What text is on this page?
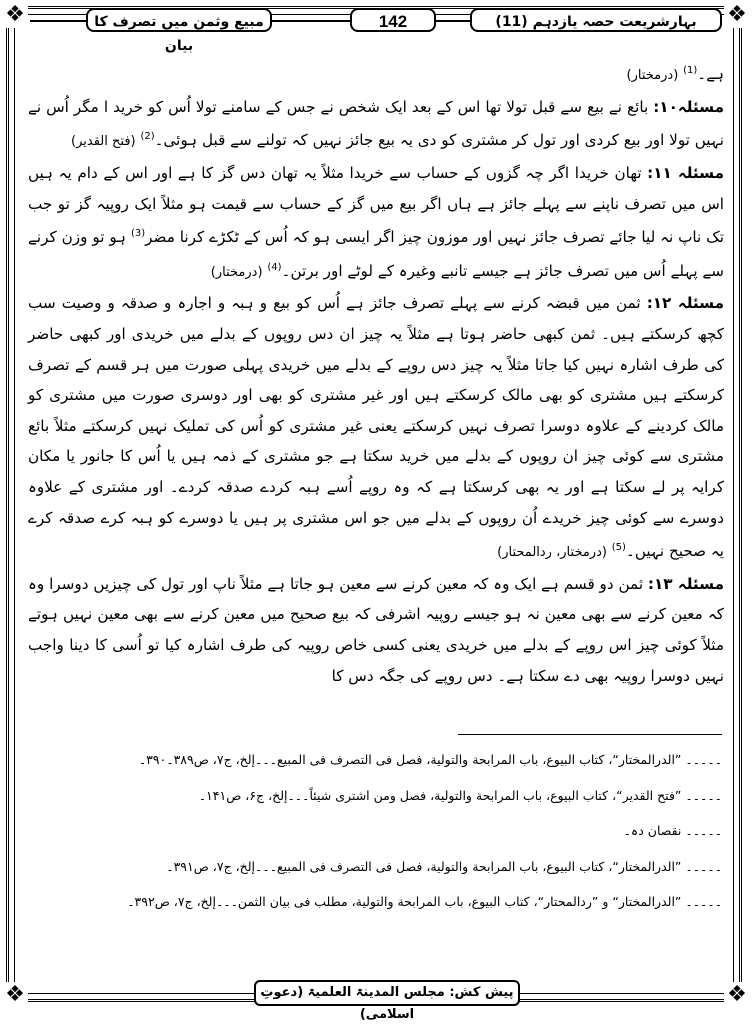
❖	❖
❖	❖
بہارِشریعت حصہ یازدہم (11)
142
مبیع وثمن میں تصرف کا بیان

ہے۔$^{(1)}$ (درمختار)

مسئلہ۱۰: بائع نے بیع سے قبل تولا تھا اس کے بعد ایک شخص نے جس کے سامنے تولا اُس کو خرید ا مگر اُس نے نہیں تولا اور بیع کردی اور تول کر مشتری کو دی یہ بیع جائز نہیں کہ تولنے سے قبل ہوئی۔$^{(2)}$ (فتح القدیر)

مسئلہ ۱۱: تھان خریدا اگر چہ گزوں کے حساب سے خریدا مثلاً یہ تھان دس گز کا ہے اور اس کے دام یہ ہیں اس میں تصرف ناپنے سے پہلے جائز ہے ہاں اگر بیع میں گز کے حساب سے قیمت ہو مثلاً ایک روپیہ گز تو جب تک ناپ نہ لیا جائے تصرف جائز نہیں اور موزون چیز اگر ایسی ہو کہ اُس کے ٹکڑے کرنا مضر$^{(3)}$ ہو تو وزن کرنے سے پہلے اُس میں تصرف جائز ہے جیسے تانبے وغیرہ کے لوٹے اور برتن۔$^{(4)}$ (درمختار)

مسئلہ ۱۲: ثمن میں قبضہ کرنے سے پہلے تصرف جائز ہے اُس کو بیع و ہبہ و اجارہ و صدقہ و وصیت سب کچھ کرسکتے ہیں۔ ثمن کبھی حاضر ہوتا ہے مثلاً یہ چیز ان دس روپوں کے بدلے میں خریدی اور کبھی حاضر کی طرف اشارہ نہیں کیا جاتا مثلاً یہ چیز دس روپے کے بدلے میں خریدی پہلی صورت میں ہر قسم کے تصرف کرسکتے ہیں مشتری کو بھی مالک کرسکتے ہیں اور غیر مشتری کو بھی اور دوسری صورت میں مشتری کو مالک کردینے کے علاوہ دوسرا تصرف نہیں کرسکتے یعنی غیر مشتری کو اُس کی تملیک نہیں کرسکتے مثلاً بائع مشتری سے کوئی چیز ان روپوں کے بدلے میں خرید سکتا ہے جو مشتری کے ذمہ ہیں یا اُس کا جانور یا مکان کرایہ پر لے سکتا ہے اور یہ بھی کرسکتا ہے کہ وہ روپے اُسے ہبہ کردے صدقہ کردے۔ اور مشتری کے علاوہ دوسرے سے کوئی چیز خریدے اُن روپوں کے بدلے میں جو اس مشتری پر ہیں یا دوسرے کو ہبہ کرے صدقہ کرے یہ صحیح نہیں۔$^{(5)}$ (درمختار، ردالمحتار)

مسئلہ ۱۳: ثمن دو قسم ہے ایک وہ کہ معین کرنے سے معین ہو جاتا ہے مثلاً ناپ اور تول کی چیزیں دوسرا وہ کہ معین کرنے سے بھی معین نہ ہو جیسے روپیہ اشرفی کہ بیع صحیح میں معین کرنے سے بھی معین نہیں ہوتے مثلاً کوئی چیز اس روپے کے بدلے میں خریدی یعنی کسی خاص روپیہ کی طرف اشارہ کیا تو اُسی کا دینا واجب نہیں دوسرا روپیہ بھی دے سکتا ہے۔ دس روپے کی جگہ دس کا

۔۔۔۔۔ ”الدرالمختار“، کتاب البیوع، باب المرابحة والتولیة، فصل فی التصرف فی المبیع۔۔۔إلخ، ج۷، ص۳۸۹۔۳۹۰۔
۔۔۔۔۔ ”فتح القدیر“، کتاب البیوع، باب المرابحة والتولیة، فصل ومن اشتری شیئاً۔۔۔إلخ، ج۶، ص۱۴۱۔
۔۔۔۔۔ نقصان دہ۔
۔۔۔۔۔ ”الدرالمختار“، کتاب البیوع، باب المرابحة والتولیة، فصل فی التصرف فی المبیع۔۔۔إلخ، ج۷، ص۳۹۱۔
۔۔۔۔۔ ”الدرالمختار“ و ”ردالمحتار“، کتاب البیوع، باب المرابحة والتولیة، مطلب فی بیان الثمن۔۔۔إلخ، ج۷، ص۳۹۲۔
پیش کش: مجلس المدینۃ العلمیۃ (دعوتِ اسلامی)
